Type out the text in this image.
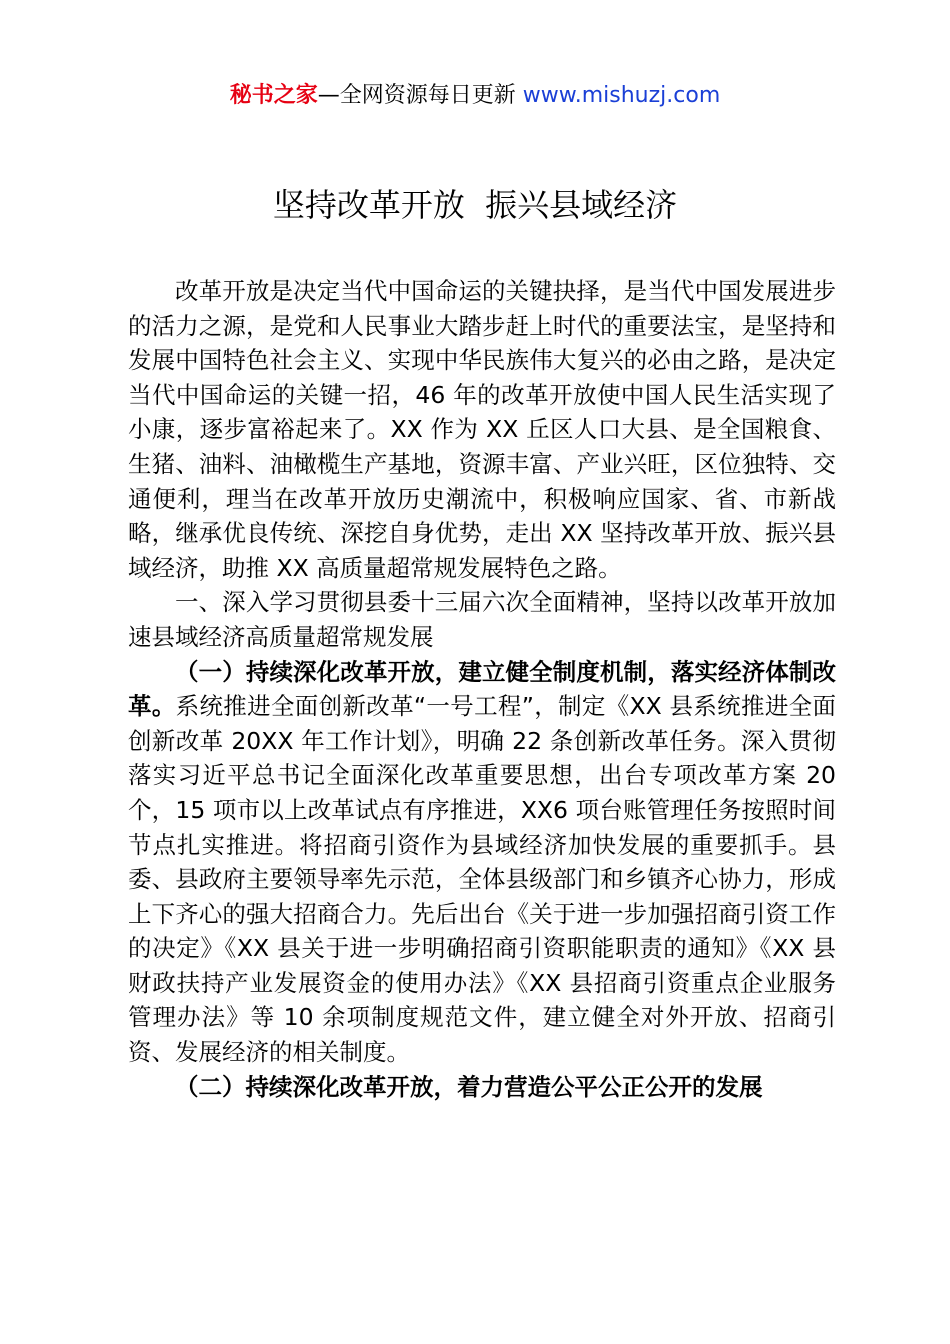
秘书之家—全网资源每日更新 www.mishuzj.com
坚持改革开放  振兴县域经济

改革开放是决定当代中国命运的关键抉择，是当代中国发展进步的活力之源，是党和人民事业大踏步赶上时代的重要法宝，是坚持和发展中国特色社会主义、实现中华民族伟大复兴的必由之路，是决定当代中国命运的关键一招，46 年的改革开放使中国人民生活实现了小康，逐步富裕起来了。XX 作为 XX 丘区人口大县、是全国粮食、生猪、油料、油橄榄生产基地，资源丰富、产业兴旺，区位独特、交通便利，理当在改革开放历史潮流中，积极响应国家、省、市新战略，继承优良传统、深挖自身优势，走出 XX 坚持改革开放、振兴县域经济，助推 XX 高质量超常规发展特色之路。

一、深入学习贯彻县委十三届六次全面精神，坚持以改革开放加速县域经济高质量超常规发展

（一）持续深化改革开放，建立健全制度机制，落实经济体制改革。系统推进全面创新改革“一号工程”，制定《XX 县系统推进全面创新改革 20XX 年工作计划》，明确 22 条创新改革任务。深入贯彻落实习近平总书记全面深化改革重要思想，出台专项改革方案 20 个，15 项市以上改革试点有序推进，XX6 项台账管理任务按照时间节点扎实推进。将招商引资作为县域经济加快发展的重要抓手。县委、县政府主要领导率先示范，全体县级部门和乡镇齐心协力，形成上下齐心的强大招商合力。先后出台《关于进一步加强招商引资工作的决定》《XX 县关于进一步明确招商引资职能职责的通知》《XX 县财政扶持产业发展资金的使用办法》《XX 县招商引资重点企业服务管理办法》等 10 余项制度规范文件，建立健全对外开放、招商引资、发展经济的相关制度。

（二）持续深化改革开放，着力营造公平公正公开的发展
